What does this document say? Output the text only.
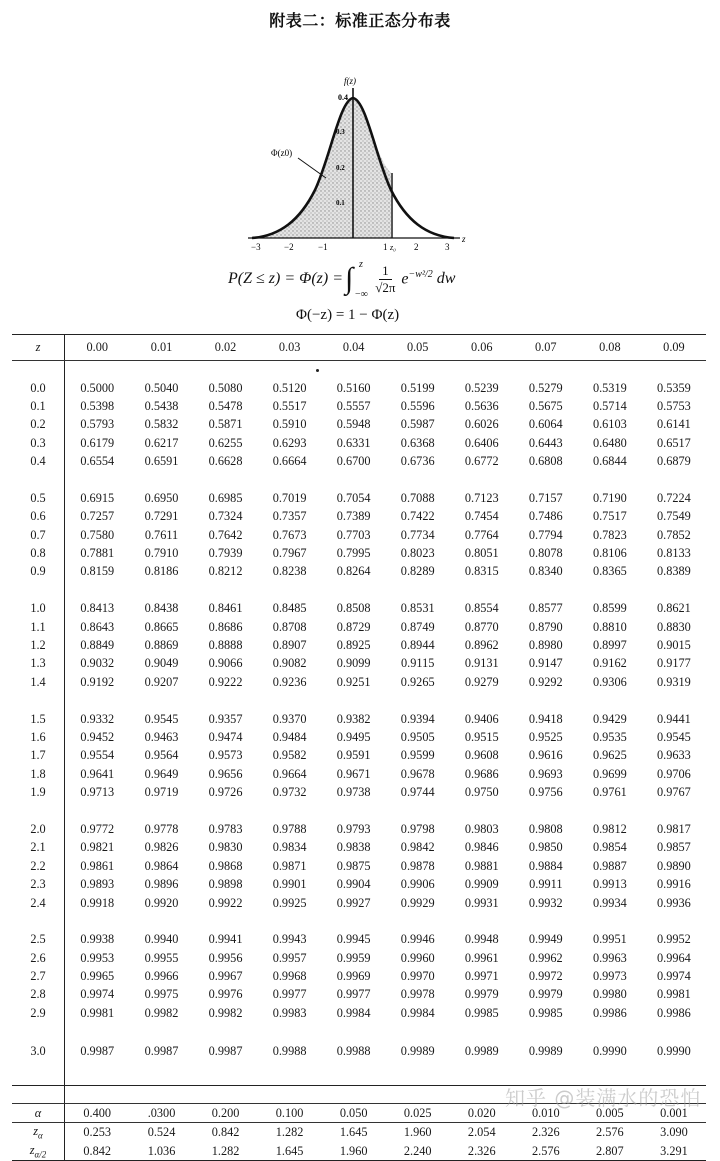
附表二：标准正态分布表
Φ(z0)
f(z)
0.4
0.3
0.2
0.1
−3	−2	−1	1 z₀ 2	3
z
P(Z ≤ z) = Φ(z) = ∫ z
−∞ $\frac{1}{√2\pi} e^{-w^2/2}$ dw
Φ(−z) = 1 − Φ(z)
z	0.00	0.01	0.02	0.03	0.04	0.05	0.06	0.07	0.08	0.09

0.0	0.5000	0.5040	0.5080	0.5120	0.5160	0.5199	0.5239	0.5279	0.5319	0.5359
0.1	0.5398	0.5438	0.5478	0.5517	0.5557	0.5596	0.5636	0.5675	0.5714	0.5753
0.2	0.5793	0.5832	0.5871	0.5910	0.5948	0.5987	0.6026	0.6064	0.6103	0.6141
0.3	0.6179	0.6217	0.6255	0.6293	0.6331	0.6368	0.6406	0.6443	0.6480	0.6517
0.4	0.6554	0.6591	0.6628	0.6664	0.6700	0.6736	0.6772	0.6808	0.6844	0.6879

0.5	0.6915	0.6950	0.6985	0.7019	0.7054	0.7088	0.7123	0.7157	0.7190	0.7224
0.6	0.7257	0.7291	0.7324	0.7357	0.7389	0.7422	0.7454	0.7486	0.7517	0.7549
0.7	0.7580	0.7611	0.7642	0.7673	0.7703	0.7734	0.7764	0.7794	0.7823	0.7852
0.8	0.7881	0.7910	0.7939	0.7967	0.7995	0.8023	0.8051	0.8078	0.8106	0.8133
0.9	0.8159	0.8186	0.8212	0.8238	0.8264	0.8289	0.8315	0.8340	0.8365	0.8389

1.0	0.8413	0.8438	0.8461	0.8485	0.8508	0.8531	0.8554	0.8577	0.8599	0.8621
1.1	0.8643	0.8665	0.8686	0.8708	0.8729	0.8749	0.8770	0.8790	0.8810	0.8830
1.2	0.8849	0.8869	0.8888	0.8907	0.8925	0.8944	0.8962	0.8980	0.8997	0.9015
1.3	0.9032	0.9049	0.9066	0.9082	0.9099	0.9115	0.9131	0.9147	0.9162	0.9177
1.4	0.9192	0.9207	0.9222	0.9236	0.9251	0.9265	0.9279	0.9292	0.9306	0.9319

1.5	0.9332	0.9545	0.9357	0.9370	0.9382	0.9394	0.9406	0.9418	0.9429	0.9441
1.6	0.9452	0.9463	0.9474	0.9484	0.9495	0.9505	0.9515	0.9525	0.9535	0.9545
1.7	0.9554	0.9564	0.9573	0.9582	0.9591	0.9599	0.9608	0.9616	0.9625	0.9633
1.8	0.9641	0.9649	0.9656	0.9664	0.9671	0.9678	0.9686	0.9693	0.9699	0.9706
1.9	0.9713	0.9719	0.9726	0.9732	0.9738	0.9744	0.9750	0.9756	0.9761	0.9767

2.0	0.9772	0.9778	0.9783	0.9788	0.9793	0.9798	0.9803	0.9808	0.9812	0.9817
2.1	0.9821	0.9826	0.9830	0.9834	0.9838	0.9842	0.9846	0.9850	0.9854	0.9857
2.2	0.9861	0.9864	0.9868	0.9871	0.9875	0.9878	0.9881	0.9884	0.9887	0.9890
2.3	0.9893	0.9896	0.9898	0.9901	0.9904	0.9906	0.9909	0.9911	0.9913	0.9916
2.4	0.9918	0.9920	0.9922	0.9925	0.9927	0.9929	0.9931	0.9932	0.9934	0.9936

2.5	0.9938	0.9940	0.9941	0.9943	0.9945	0.9946	0.9948	0.9949	0.9951	0.9952
2.6	0.9953	0.9955	0.9956	0.9957	0.9959	0.9960	0.9961	0.9962	0.9963	0.9964
2.7	0.9965	0.9966	0.9967	0.9968	0.9969	0.9970	0.9971	0.9972	0.9973	0.9974
2.8	0.9974	0.9975	0.9976	0.9977	0.9977	0.9978	0.9979	0.9979	0.9980	0.9981
2.9	0.9981	0.9982	0.9982	0.9983	0.9984	0.9984	0.9985	0.9985	0.9986	0.9986

3.0	0.9987	0.9987	0.9987	0.9988	0.9988	0.9989	0.9989	0.9989	0.9990	0.9990

α	0.400	.0300	0.200	0.100	0.050	0.025	0.020	0.010	0.005	0.001
$z_\alpha$	0.253	0.524	0.842	1.282	1.645	1.960	2.054	2.326	2.576	3.090
$z_{\alpha/2}$	0.842	1.036	1.282	1.645	1.960	2.240	2.326	2.576	2.807	3.291
知乎 @装满水的恐怕
